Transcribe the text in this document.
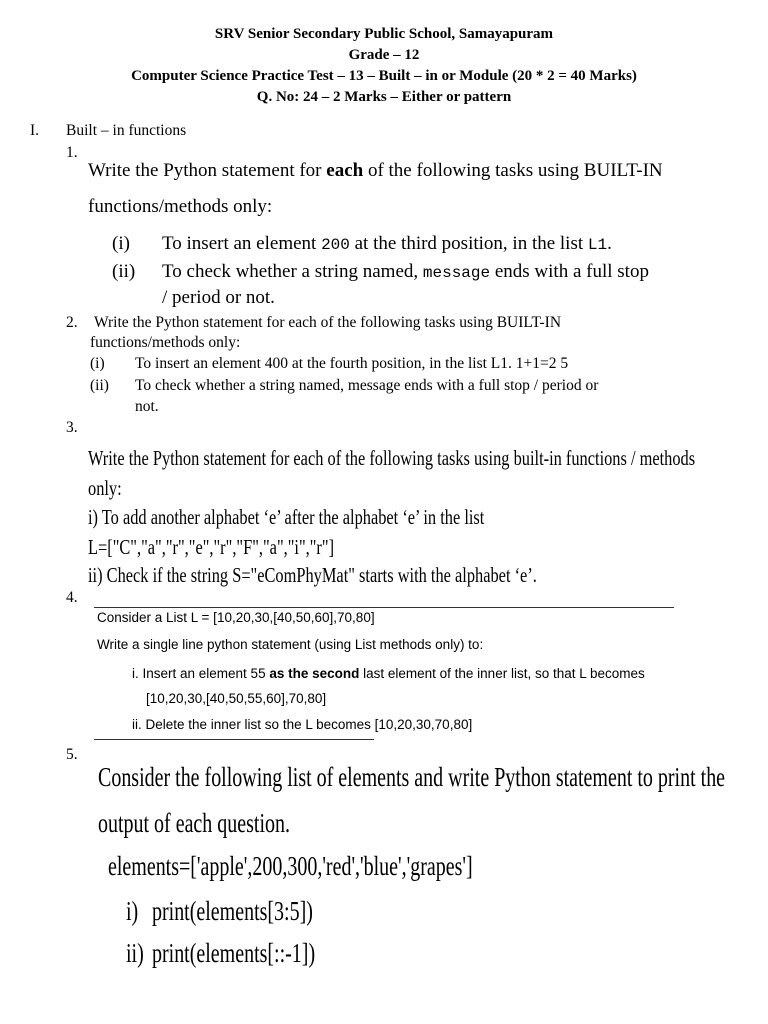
SRV Senior Secondary Public School, Samayapuram
Grade – 12
Computer Science Practice Test – 13 – Built – in or Module (20 * 2 = 40 Marks)
Q. No: 24 – 2 Marks – Either or pattern
I. Built – in functions
1.
Write the Python statement for each of the following tasks using BUILT-IN
functions/methods only:
(i) To insert an element 200 at the third position, in the list L1.
(ii) To check whether a string named, message ends with a full stop
/ period or not.
2. Write the Python statement for each of the following tasks using BUILT-IN
functions/methods only:
(i) To insert an element 400 at the fourth position, in the list L1. 1+1=2 5
(ii) To check whether a string named, message ends with a full stop / period or
not.
3.
Write the Python statement for each of the following tasks using built-in functions / methods
only:
i) To add another alphabet ‘e’ after the alphabet ‘e’ in the list
L=["C","a","r","e","r","F","a","i","r"]
ii) Check if the string S="eComPhyMat" starts with the alphabet ‘e’.
4.
Consider a List L = [10,20,30,[40,50,60],70,80]
Write a single line python statement (using List methods only) to:
i. Insert an element 55 as the second last element of the inner list, so that L becomes
[10,20,30,[40,50,55,60],70,80]
ii. Delete the inner list so the L becomes [10,20,30,70,80]
5.
Consider the following list of elements and write Python statement to print the
output of each question.
elements=['apple',200,300,'red','blue','grapes']
i) print(elements[3:5])
ii) print(elements[::-1])
